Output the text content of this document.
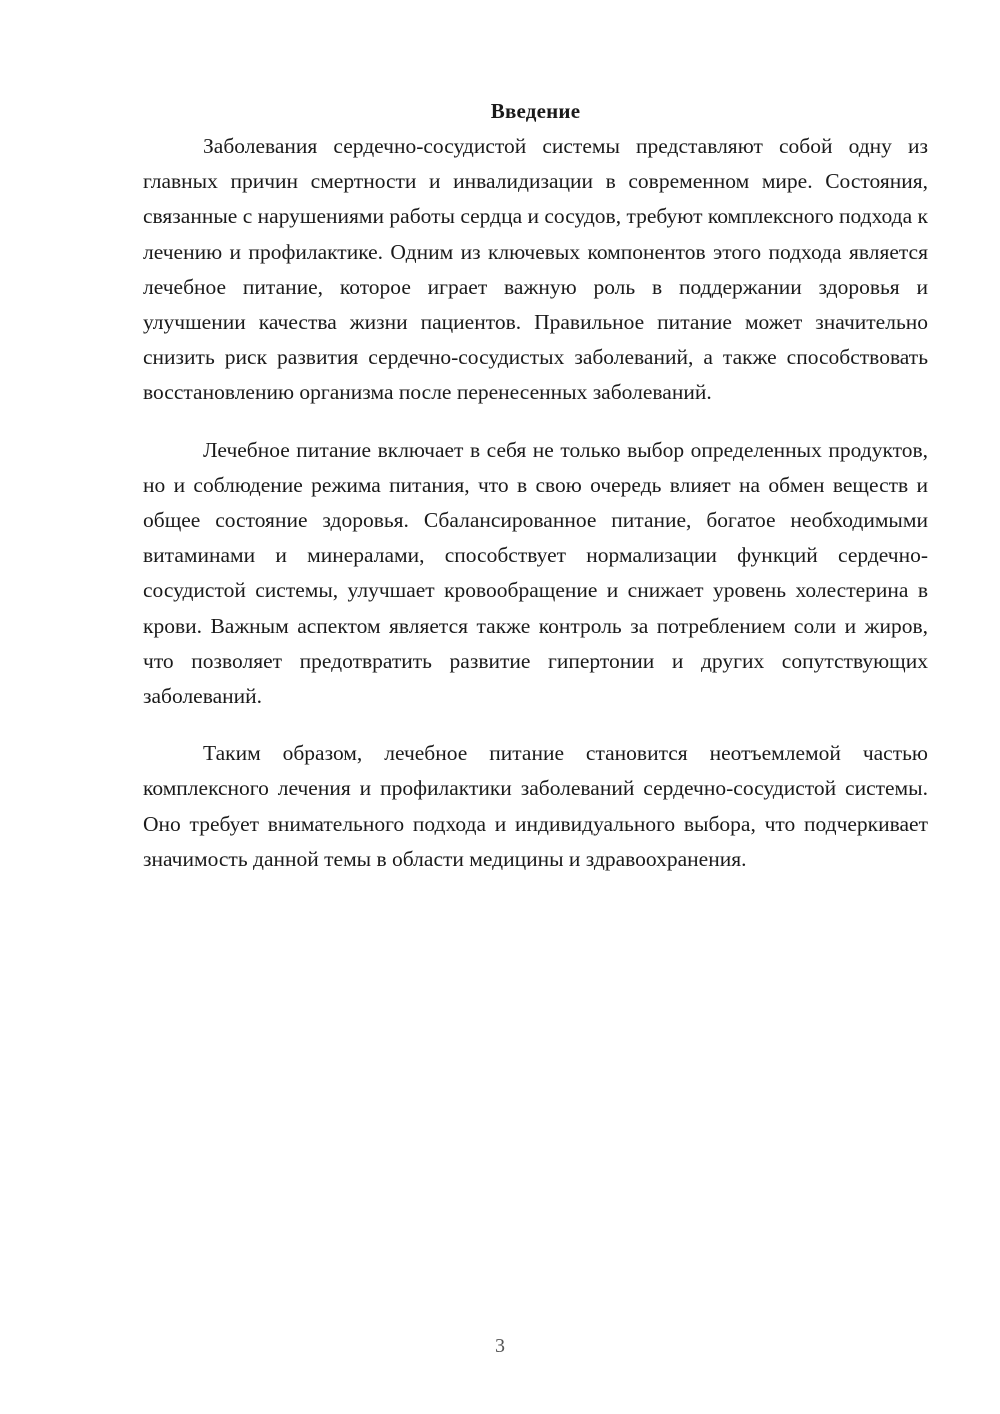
Введение

Заболевания сердечно-сосудистой системы представляют собой одну из главных причин смертности и инвалидизации в современном мире. Состояния, связанные с нарушениями работы сердца и сосудов, требуют комплексного подхода к лечению и профилактике. Одним из ключевых компонентов этого подхода является лечебное питание, которое играет важную роль в поддержании здоровья и улучшении качества жизни пациентов. Правильное питание может значительно снизить риск развития сердечно-сосудистых заболеваний, а также способствовать восстановлению организма после перенесенных заболеваний.

Лечебное питание включает в себя не только выбор определенных продуктов, но и соблюдение режима питания, что в свою очередь влияет на обмен веществ и общее состояние здоровья. Сбалансированное питание, богатое необходимыми витаминами и минералами, способствует нормализации функций сердечно-сосудистой системы, улучшает кровообращение и снижает уровень холестерина в крови. Важным аспектом является также контроль за потреблением соли и жиров, что позволяет предотвратить развитие гипертонии и других сопутствующих заболеваний.

Таким образом, лечебное питание становится неотъемлемой частью комплексного лечения и профилактики заболеваний сердечно-сосудистой системы. Оно требует внимательного подхода и индивидуального выбора, что подчеркивает значимость данной темы в области медицины и здравоохранения.

3
